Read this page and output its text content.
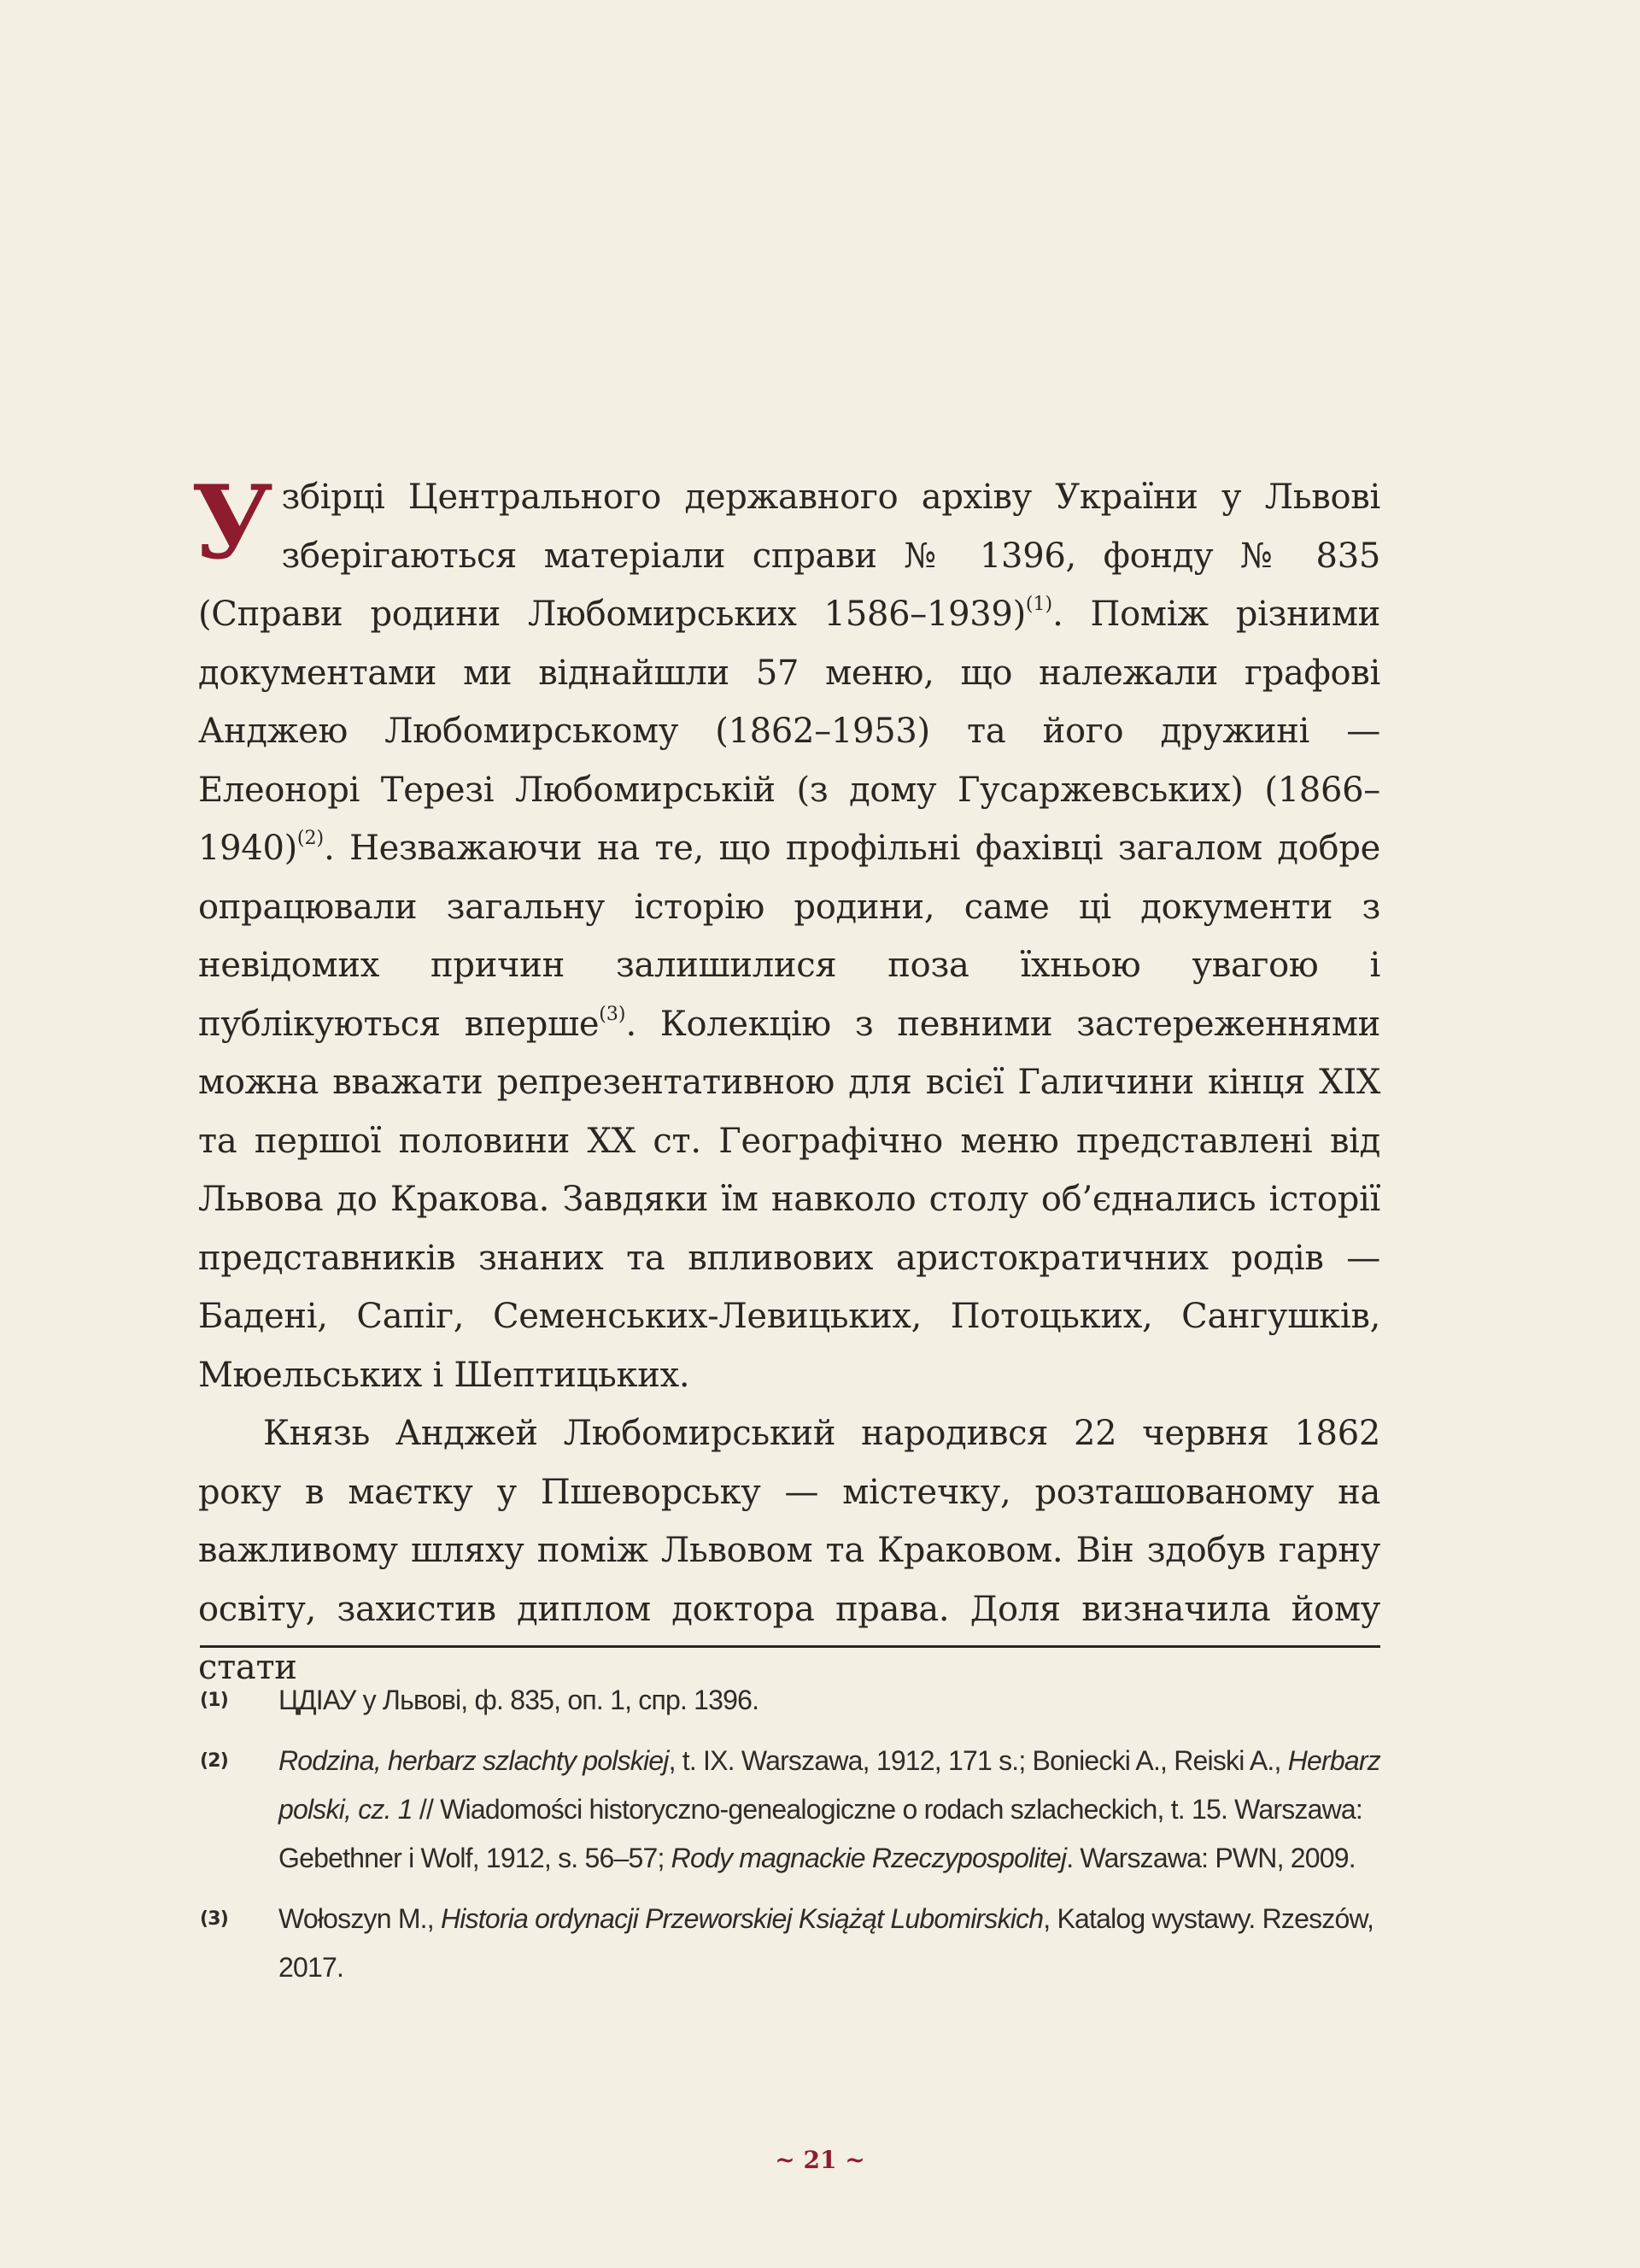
У збірці Центрального державного архіву України у Львові зберігаються матеріали справи № 1396, фонду № 835 (Справи родини Любомирських 1586–1939)$^{(1)}$. Поміж різними документами ми віднайшли 57 меню, що належали графові Анджею Любомирському (1862–1953) та його дружині — Елеонорі Терезі Любомирській (з дому Гусаржевських) (1866–1940)$^{(2)}$. Незважаючи на те, що профільні фахівці загалом добре опрацювали загальну історію родини, саме ці документи з невідомих причин залишилися поза їхньою увагою і публікуються вперше$^{(3)}$. Колекцію з певними застереженнями можна вважати репрезентативною для всієї Галичини кінця XIX та першої половини XX ст. Географічно меню представлені від Львова до Кракова. Завдяки їм навколо столу об’єднались історії представників знаних та впливових аристократичних родів — Бадені, Сапіг, Семенських-Левицьких, Потоцьких, Сангушків, Мюельських і Шептицьких.

Князь Анджей Любомирський народився 22 червня 1862 року в маєтку у Пшеворську — містечку, розташованому на важливому шляху поміж Львовом та Краковом. Він здобув гарну освіту, захистив диплом доктора права. Доля визначила йому стати

(1) ЦДІАУ у Львові, ф. 835, оп. 1, спр. 1396.
(2) Rodzina, herbarz szlachty polskiej, t. IX. Warszawa, 1912, 171 s.; Boniecki A., Reiski A., Herbarz polski, cz. 1 // Wiadomości historyczno-genealogiczne o rodach szlacheckich, t. 15. Warszawa: Gebethner i Wolf, 1912, s. 56–57; Rody magnackie Rzeczypospolitej. Warszawa: PWN, 2009.
(3) Wołoszyn M., Historia ordynacji Przeworskiej Książąt Lubomirskich, Katalog wystawy. Rzeszów, 2017.
~ 21 ~
